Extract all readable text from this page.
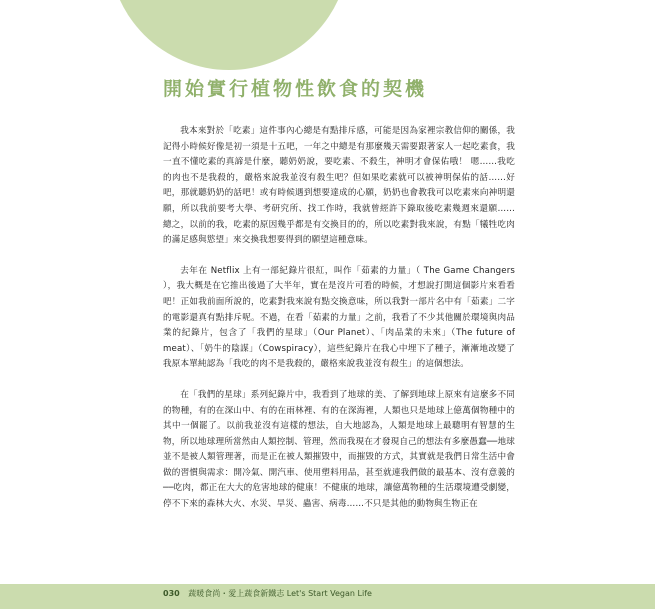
開始實行植物性飲食的契機

我本來對於「吃素」這件事內心總是有點排斥感，可能是因為家裡宗教信仰的關係，我記得小時候好像是初一須是十五吧，一年之中總是有那麼幾天需要跟著家人一起吃素食，我一直不懂吃素的真諦是什麼，聽奶奶說，要吃素、不殺生，神明才會保佑哦！ 嗯……我吃的肉也不是我殺的，嚴格來說我並沒有殺生吧？但如果吃素就可以被神明保佑的話……好吧，那就聽奶奶的話吧！或有時候遇到想要達成的心願，奶奶也會教我可以吃素來向神明還願，所以我前要考大學、考研究所、找工作時，我就曾經許下錄取後吃素幾週來還願…… 總之，以前的我，吃素的原因幾乎都是有交換目的的，所以吃素對我來說，有點「犧牲吃肉的滿足感與慾望」來交換我想要得到的願望這種意味。

去年在 Netflix 上有一部紀錄片很紅，叫作「茹素的力量」（ The Game Changers ），我大概是在它推出後過了大半年，實在是沒片可看的時候，才想說打開這個影片來看看吧！正如我前面所說的，吃素對我來說有點交換意味，所以我對一部片名中有「茹素」二字的電影還真有點排斥呢。不過，在看「茹素的力量」之前，我看了不少其他關於環境與肉品業的紀錄片，包含了「我們的星球」（Our Planet）、「肉品業的未來」（The future of meat）、「奶牛的陰謀」（Cowspiracy），這些紀錄片在我心中埋下了種子，漸漸地改變了我原本單純認為「我吃的肉不是我殺的，嚴格來說我並沒有殺生」的這個想法。

在「我們的星球」系列紀錄片中，我看到了地球的美、了解到地球上原來有這麼多不同的物種，有的在深山中、有的在雨林裡、有的在深海裡，人類也只是地球上億萬個物種中的其中一個罷了。以前我並沒有這樣的想法，自大地認為，人類是地球上最聰明有智慧的生物，所以地球理所當然由人類控制、管理，然而我現在才發現自己的想法有多麼愚蠢──地球並不是被人類管理著，而是正在被人類摧毀中，而摧毀的方式，其實就是我們日常生活中會做的習慣與需求：開冷氣、開汽車、使用塑料用品，甚至就連我們做的最基本、沒有意義的──吃肉，都正在大大的危害地球的健康！不健康的地球，讓億萬物種的生活環境遭受劇變，停不下來的森林大火、水災、旱災、蟲害、病毒……不只是其他的動物與生物正在

030 蔬暖食尚・愛上蔬食新鐵志 Let's Start Vegan Life
